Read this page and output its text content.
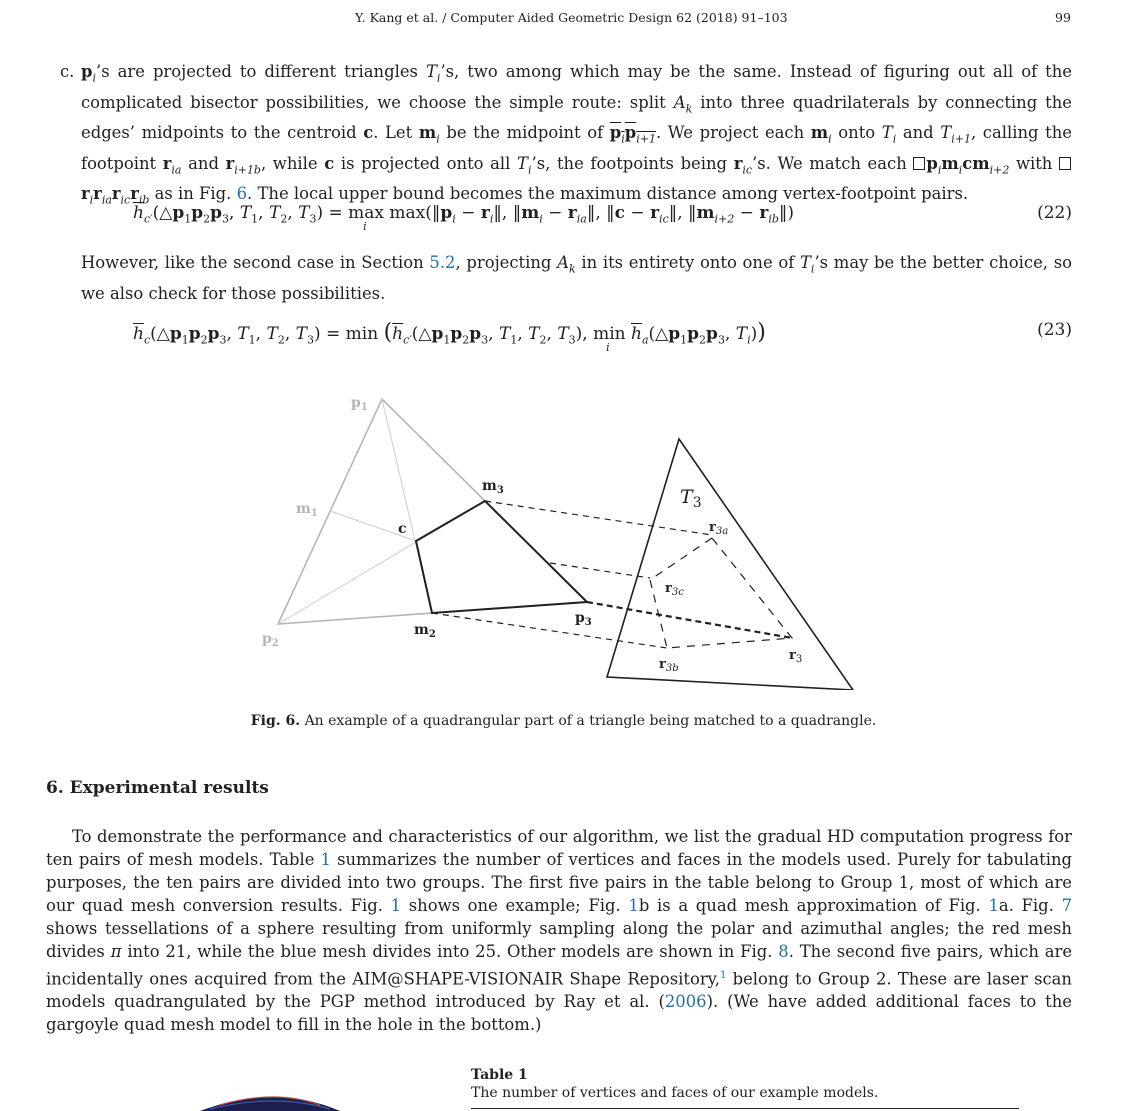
Y. Kang et al. / Computer Aided Geometric Design 62 (2018) 91–103	99
c. $p_i’s$ are projected to different triangles $T_i’s$, two among which may be the same. Instead of figuring out all of the complicated bisector possibilities, we choose the simple route: split $A_k$ into three quadrilaterals by connecting the edges’ midpoints to the centroid c. Let $m_i$ be the midpoint of $p_ip_{i+1}$. We project each $m_i$ onto $T_i$ and $T_{i+1}$, calling the footpoint $r_{ia}$ and $r_{i+1b}$, while c is projected onto all $T_i’s$, the footpoints being $r_{ic}’s$. We match each $p_im_icm_{i+2}$ with $r_ir_{ia}r_{ic}r_{ib}$ as in Fig. 6. The local upper bound becomes the maximum distance among vertex-footpoint pairs.
$\overline{h}_{c'}(\triangle p_1p_2p_3$, $T_1$, $T_2$, $T_3) = \max$
i
$\max(‖p_i$ − $r_i‖$, $‖m_i$ − $r_{ia}‖$, ‖c − $r_{ic}‖$, $‖m_{i+2}$ − $r_{ib}‖$)	(22)
However, like the second case in Section 5.2, projecting $A_k$ in its entirety onto one of $T_i’s$ may be the better choice, so we also check for those possibilities.
$\overline{h}_c(\triangle p_1p_2p_3$, $T_1$, $T_2$, $T_3) = \min$ ($\overline{h}_{c'}(\triangle p_1p_2p_3$, $T_1$, $T_2$, $T_3$), min
i
$\overline{h}_a(\triangle p_1p_2p_3$, $T_i$))	(23)
$p_1$
$p_2$
$m_1$
$m_3$
c
$m_2$
$p_3$
$T_3$
$r_{3a}$
$r_{3c}$
$r_{3b}$
$r_3$
Fig. 6. An example of a quadrangular part of a triangle being matched to a quadrangle.
6. Experimental results
To demonstrate the performance and characteristics of our algorithm, we list the gradual HD computation progress for ten pairs of mesh models. Table 1 summarizes the number of vertices and faces in the models used. Purely for tabulating purposes, the ten pairs are divided into two groups. The first five pairs in the table belong to Group 1, most of which are our quad mesh conversion results. Fig. 1 shows one example; Fig. 1b is a quad mesh approximation of Fig. 1a. Fig. 7 shows tessellations of a sphere resulting from uniformly sampling along the polar and azimuthal angles; the red mesh divides π into 21, while the blue mesh divides into 25. Other models are shown in Fig. 8. The second five pairs, which are incidentally ones acquired from the AIM@SHAPE-VISIONAIR Shape Repository,$^1$ belong to Group 2. These are laser scan models quadrangulated by the PGP method introduced by Ray et al. (2006). (We have added additional faces to the gargoyle quad mesh model to fill in the hole in the bottom.)
Table 1
The number of vertices and faces of our example models.
